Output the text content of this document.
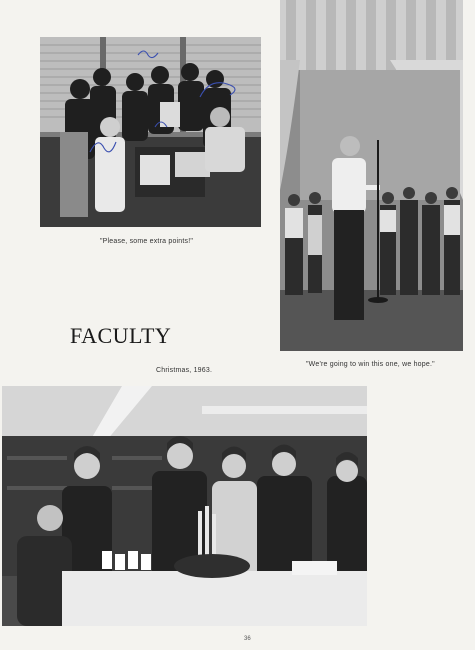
"Please, some extra points!"
FACULTY
Christmas, 1963.
"We're going to win this one, we hope."
36
